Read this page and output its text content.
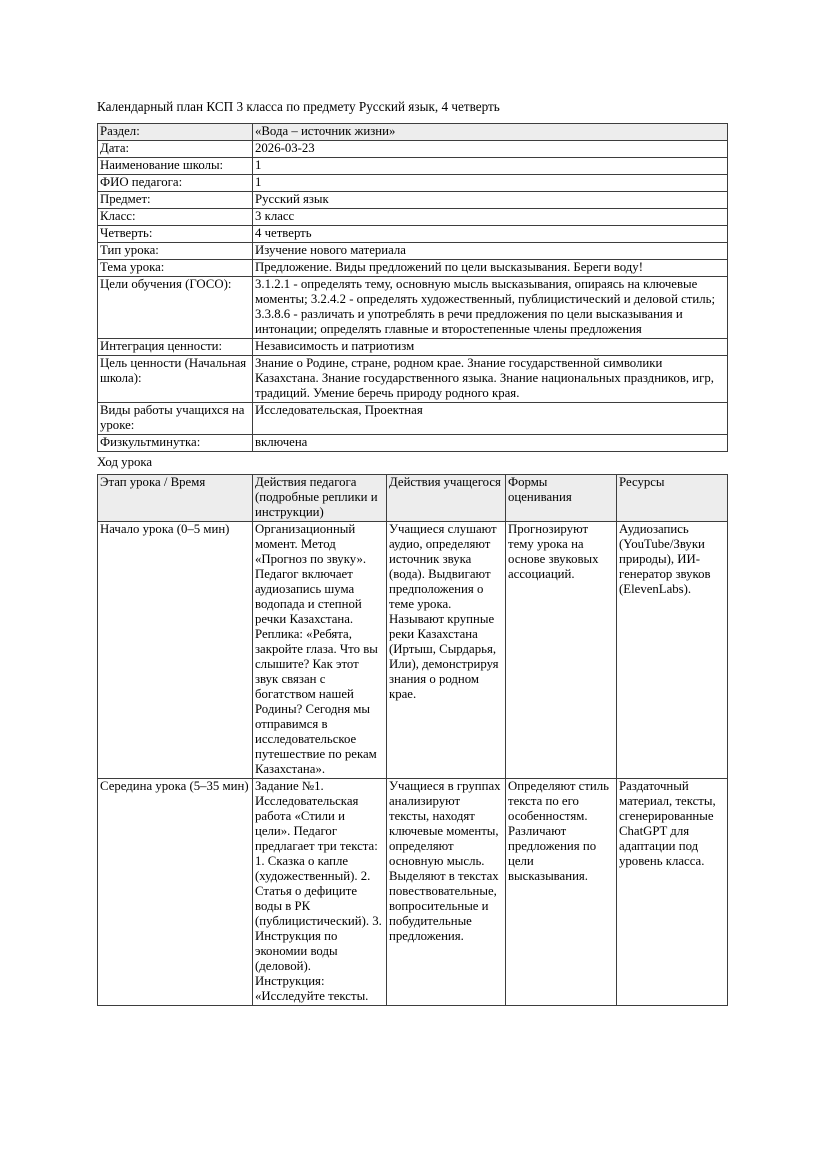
Календарный план КСП 3 класса по предмету Русский язык, 4 четверть

Раздел:	«Вода – источник жизни»
Дата:	2026-03-23
Наименование школы:	1
ФИО педагога:	1
Предмет:	Русский язык
Класс:	3 класс
Четверть:	4 четверть
Тип урока:	Изучение нового материала
Тема урока:	Предложение. Виды предложений по цели высказывания. Береги воду!
Цели обучения (ГОСО):	3.1.2.1 - определять тему, основную мысль высказывания, опираясь на ключевые моменты; 3.2.4.2 - определять художественный, публицистический и деловой стиль; 3.3.8.6 - различать и употреблять в речи предложения по цели высказывания и интонации; определять главные и второстепенные члены предложения
Интеграция ценности:	Независимость и патриотизм
Цель ценности (Начальная школа):	Знание о Родине, стране, родном крае. Знание государственной символики Казахстана. Знание государственного языка. Знание национальных праздников, игр, традиций. Умение беречь природу родного края.
Виды работы учащихся на уроке:	Исследовательская, Проектная
Физкультминутка:	включена

Ход урока

Этап урока / Время	Действия педагога (подробные реплики и инструкции)	Действия учащегося	Формы оценивания	Ресурсы
Начало урока (0–5 мин)	Организационный момент. Метод «Прогноз по звуку». Педагог включает аудиозапись шума водопада и степной речки Казахстана. Реплика: «Ребята, закройте глаза. Что вы слышите? Как этот звук связан с богатством нашей Родины? Сегодня мы отправимся в исследовательское путешествие по рекам Казахстана».	Учащиеся слушают аудио, определяют источник звука (вода). Выдвигают предположения о теме урока. Называют крупные реки Казахстана (Иртыш, Сырдарья, Или), демонстрируя знания о родном крае.	Прогнозируют тему урока на основе звуковых ассоциаций.	Аудиозапись (YouTube/Звуки природы), ИИ-генератор звуков (ElevenLabs).
Середина урока (5–35 мин)	Задание №1. Исследовательская работа «Стили и цели». Педагог предлагает три текста: 1. Сказка о капле (художественный). 2. Статья о дефиците воды в РК (публицистический). 3. Инструкция по экономии воды (деловой). Инструкция: «Исследуйте тексты.	Учащиеся в группах анализируют тексты, находят ключевые моменты, определяют основную мысль. Выделяют в текстах повествовательные, вопросительные и побудительные предложения.	Определяют стиль текста по его особенностям. Различают предложения по цели высказывания.	Раздаточный материал, тексты, сгенерированные ChatGPT для адаптации под уровень класса.
